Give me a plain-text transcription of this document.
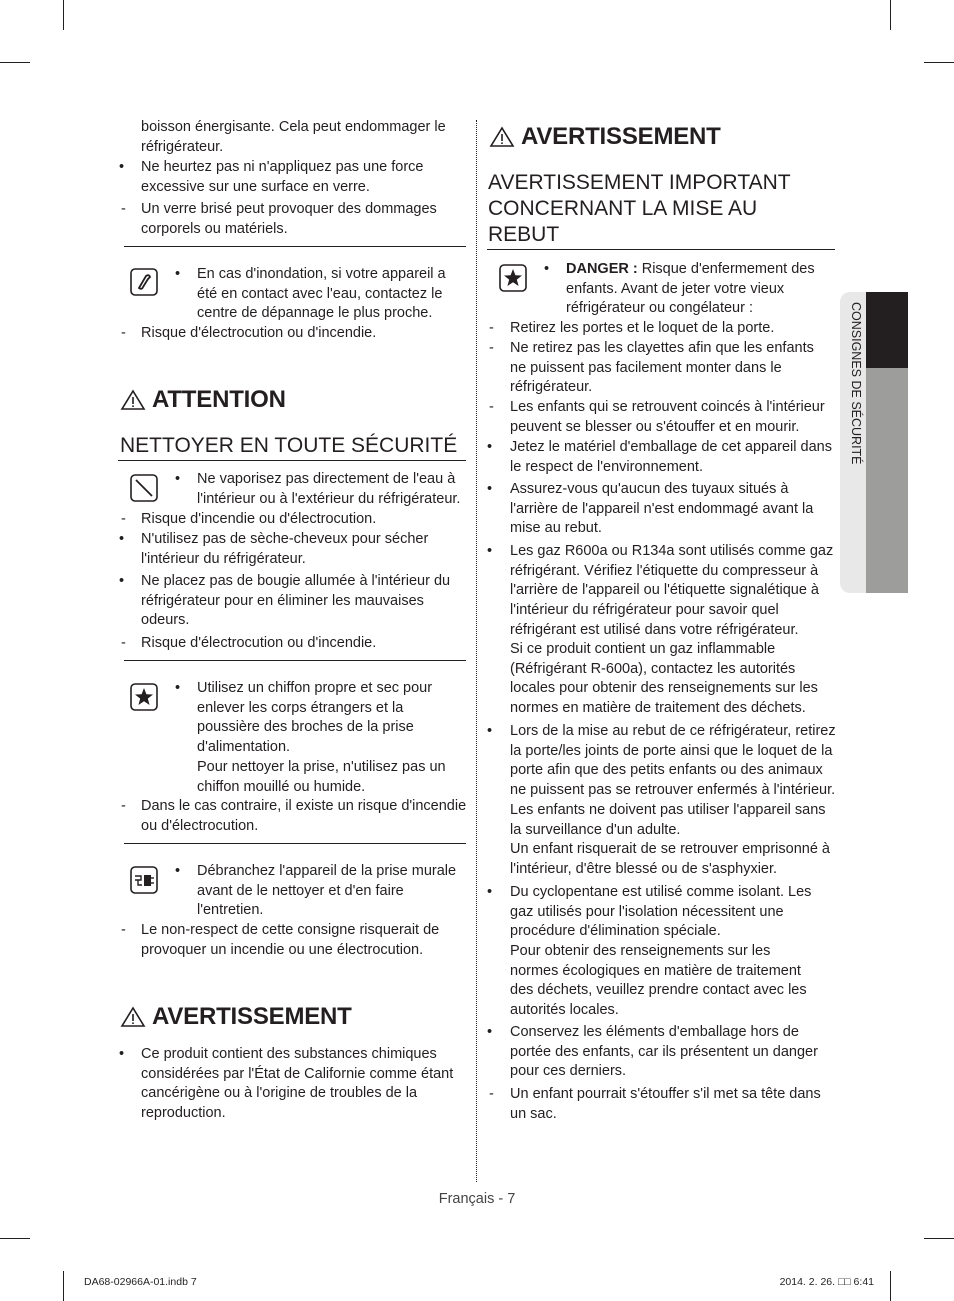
boisson énergisante. Cela peut endommager le réfrigérateur.
• Ne heurtez pas ni n'appliquez pas une force excessive sur une surface en verre.
- Un verre brisé peut provoquer des dommages corporels ou matériels.
• En cas d'inondation, si votre appareil a été en contact avec l'eau, contactez le centre de dépannage le plus proche.
- Risque d'électrocution ou d'incendie.
ATTENTION
NETTOYER EN TOUTE SÉCURITÉ
• Ne vaporisez pas directement de l'eau à l'intérieur ou à l'extérieur du réfrigérateur.
- Risque d'incendie ou d'électrocution.
• N'utilisez pas de sèche-cheveux pour sécher l'intérieur du réfrigérateur.
• Ne placez pas de bougie allumée à l'intérieur du réfrigérateur pour en éliminer les mauvaises odeurs.
- Risque d'électrocution ou d'incendie.
• Utilisez un chiffon propre et sec pour enlever les corps étrangers et la poussière des broches de la prise d'alimentation.
Pour nettoyer la prise, n'utilisez pas un chiffon mouillé ou humide.
- Dans le cas contraire, il existe un risque d'incendie ou d'électrocution.
• Débranchez l'appareil de la prise murale avant de le nettoyer et d'en faire l'entretien.
- Le non-respect de cette consigne risquerait de provoquer un incendie ou une électrocution.
AVERTISSEMENT
• Ce produit contient des substances chimiques considérées par l'État de Californie comme étant cancérigène ou à l'origine de troubles de la reproduction.
AVERTISSEMENT
AVERTISSEMENT IMPORTANT CONCERNANT LA MISE AU REBUT
• DANGER : Risque d'enfermement des enfants. Avant de jeter votre vieux réfrigérateur ou congélateur :
- Retirez les portes et le loquet de la porte.
- Ne retirez pas les clayettes afin que les enfants ne puissent pas facilement monter dans le réfrigérateur.
- Les enfants qui se retrouvent coincés à l'intérieur peuvent se blesser ou s'étouffer et en mourir.
• Jetez le matériel d'emballage de cet appareil dans le respect de l'environnement.
• Assurez-vous qu'aucun des tuyaux situés à l'arrière de l'appareil n'est endommagé avant la mise au rebut.
• Les gaz R600a ou R134a sont utilisés comme gaz réfrigérant. Vérifiez l'étiquette du compresseur à l'arrière de l'appareil ou l'étiquette signalétique à l'intérieur du réfrigérateur pour savoir quel réfrigérant est utilisé dans votre réfrigérateur.
Si ce produit contient un gaz inflammable (Réfrigérant R-600a), contactez les autorités locales pour obtenir des renseignements sur les normes en matière de traitement des déchets.
• Lors de la mise au rebut de ce réfrigérateur, retirez la porte/les joints de porte ainsi que le loquet de la porte afin que des petits enfants ou des animaux ne puissent pas se retrouver enfermés à l'intérieur. Les enfants ne doivent pas utiliser l'appareil sans la surveillance d'un adulte.
Un enfant risquerait de se retrouver emprisonné à l'intérieur, d'être blessé ou de s'asphyxier.
• Du cyclopentane est utilisé comme isolant. Les gaz utilisés pour l'isolation nécessitent une procédure d'élimination spéciale.
Pour obtenir des renseignements sur les normes écologiques en matière de traitement des déchets, veuillez prendre contact avec les autorités locales.
• Conservez les éléments d'emballage hors de portée des enfants, car ils présentent un danger pour ces derniers.
- Un enfant pourrait s'étouffer s'il met sa tête dans un sac.
CONSIGNES DE SÉCURITÉ
Français - 7
DA68-02966A-01.indb 7	2014. 2. 26. □□ 6:41
